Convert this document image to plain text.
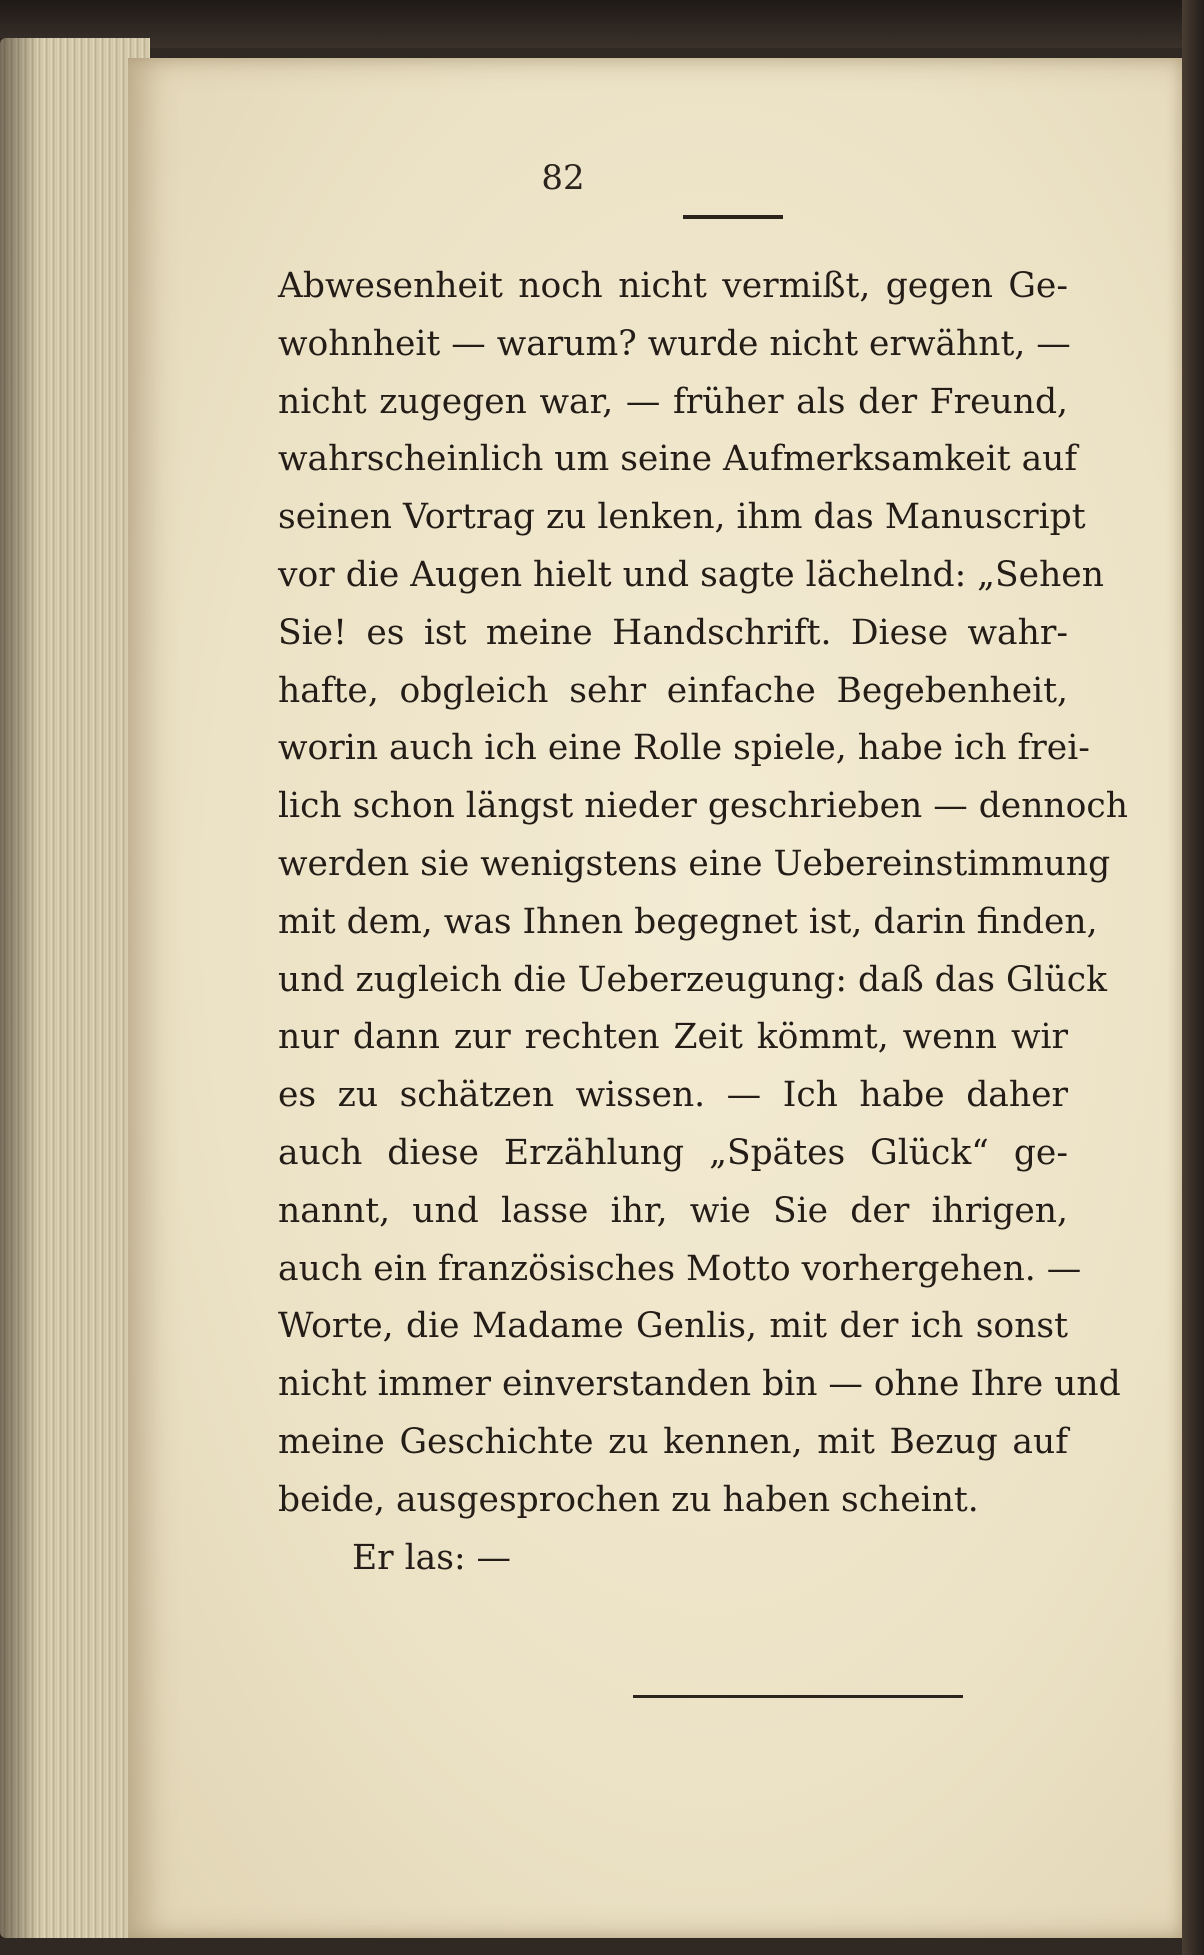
82
Abwesenheit noch nicht vermißt, gegen Ge-
wohnheit — warum? wurde nicht erwähnt, —
nicht zugegen war, — früher als der Freund,
wahrscheinlich um seine Aufmerksamkeit auf
seinen Vortrag zu lenken, ihm das Manuscript
vor die Augen hielt und sagte lächelnd: „Sehen
Sie! es ist meine Handschrift. Diese wahr-
hafte, obgleich sehr einfache Begebenheit,
worin auch ich eine Rolle spiele, habe ich frei-
lich schon längst nieder geschrieben — dennoch
werden sie wenigstens eine Uebereinstimmung
mit dem, was Ihnen begegnet ist, darin finden,
und zugleich die Ueberzeugung: daß das Glück
nur dann zur rechten Zeit kömmt, wenn wir
es zu schätzen wissen. — Ich habe daher
auch diese Erzählung „Spätes Glück“ ge-
nannt, und lasse ihr, wie Sie der ihrigen,
auch ein französisches Motto vorhergehen. —
Worte, die Madame Genlis, mit der ich sonst
nicht immer einverstanden bin — ohne Ihre und
meine Geschichte zu kennen, mit Bezug auf
beide, ausgesprochen zu haben scheint.
Er las: —
